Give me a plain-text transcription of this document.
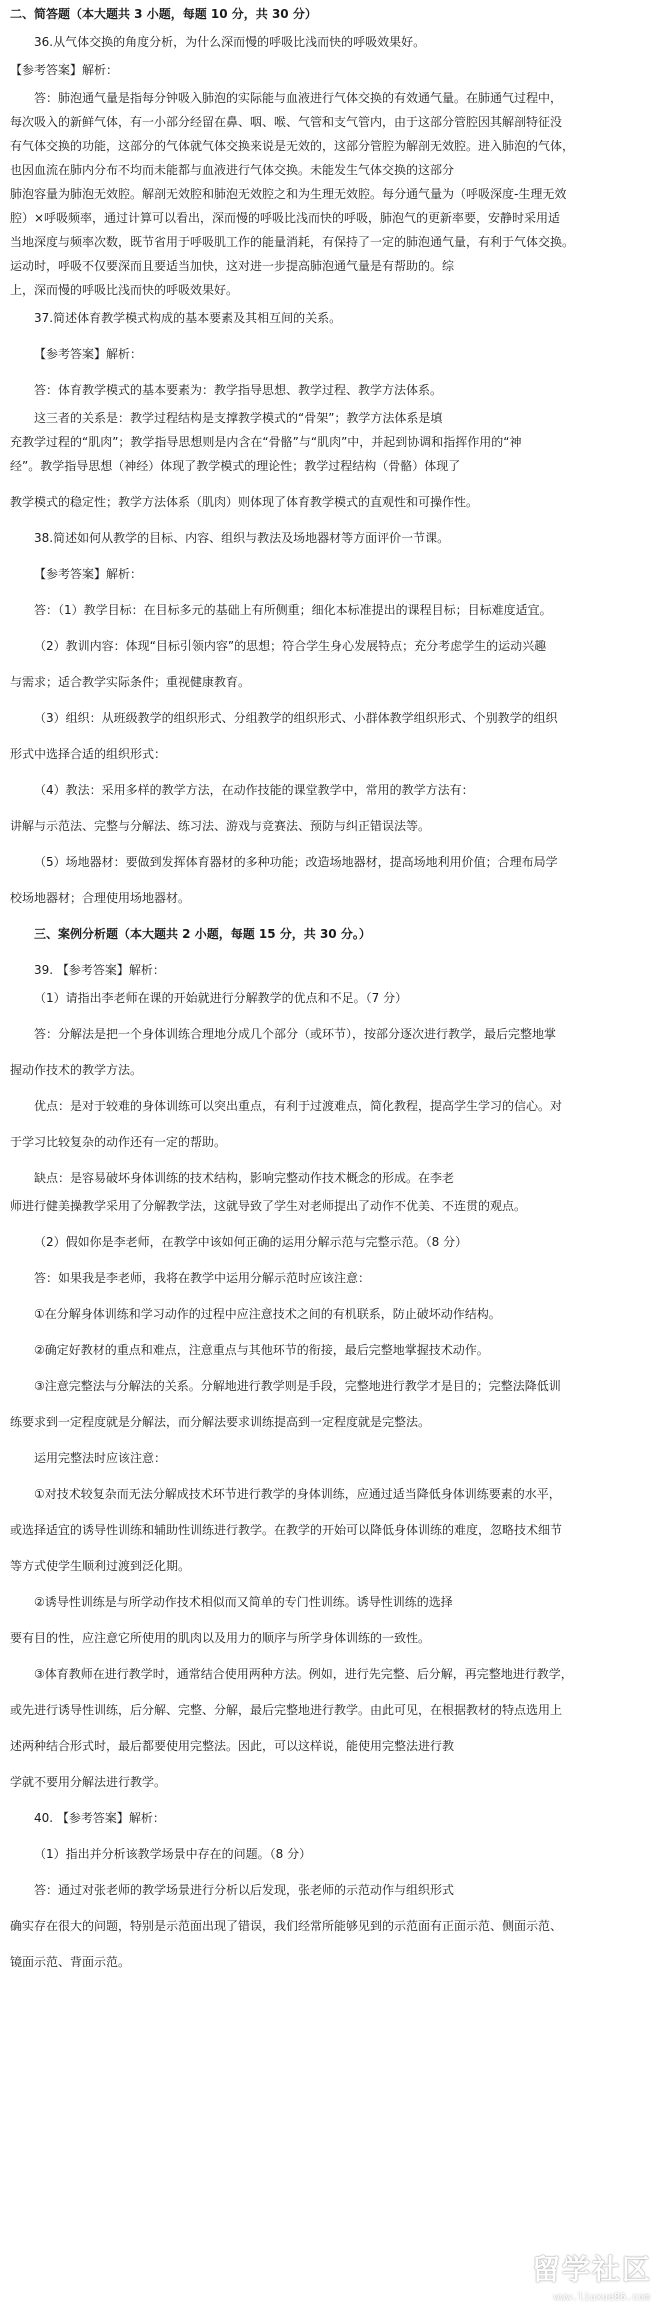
二、简答题（本大题共 3 小题，每题 10 分，共 30 分）

36.从气体交换的角度分析，为什么深而慢的呼吸比浅而快的呼吸效果好。

【参考答案】解析：

答：肺泡通气量是指每分钟吸入肺泡的实际能与血液进行气体交换的有效通气量。在肺通气过程中，

每次吸入的新鲜气体，有一小部分经留在鼻、咽、喉、气管和支气管内，由于这部分管腔因其解剖特征没

有气体交换的功能，这部分的气体就气体交换来说是无效的，这部分管腔为解剖无效腔。进入肺泡的气体，

也因血流在肺内分布不均而未能都与血液进行气体交换。未能发生气体交换的这部分

肺泡容量为肺泡无效腔。解剖无效腔和肺泡无效腔之和为生理无效腔。每分通气量为（呼吸深度-生理无效

腔）×呼吸频率，通过计算可以看出，深而慢的呼吸比浅而快的呼吸，肺泡气的更新率要，安静时采用适

当地深度与频率次数，既节省用于呼吸肌工作的能量消耗，有保持了一定的肺泡通气量，有利于气体交换。

运动时，呼吸不仅要深而且要适当加快，这对进一步提高肺泡通气量是有帮助的。综

上，深而慢的呼吸比浅而快的呼吸效果好。

37.简述体育教学模式构成的基本要素及其相互间的关系。

【参考答案】解析：

答：体育教学模式的基本要素为：教学指导思想、教学过程、教学方法体系。

这三者的关系是：教学过程结构是支撑教学模式的“骨架”；教学方法体系是填

充教学过程的“肌肉”；教学指导思想则是内含在“骨骼”与“肌肉”中，并起到协调和指挥作用的“神

经”。教学指导思想（神经）体现了教学模式的理论性；教学过程结构（骨骼）体现了

教学模式的稳定性；教学方法体系（肌肉）则体现了体育教学模式的直观性和可操作性。

38.简述如何从教学的目标、内容、组织与教法及场地器材等方面评价一节课。

【参考答案】解析：

答：（1）教学目标：在目标多元的基础上有所侧重；细化本标准提出的课程目标；目标难度适宜。

（2）教训内容：体现“目标引领内容”的思想；符合学生身心发展特点；充分考虑学生的运动兴趣

与需求；适合教学实际条件；重视健康教育。

（3）组织：从班级教学的组织形式、分组教学的组织形式、小群体教学组织形式、个别教学的组织

形式中选择合适的组织形式：

（4）教法：采用多样的教学方法，在动作技能的课堂教学中，常用的教学方法有：

讲解与示范法、完整与分解法、练习法、游戏与竞赛法、预防与纠正错误法等。

（5）场地器材：要做到发挥体育器材的多种功能；改造场地器材，提高场地利用价值；合理布局学

校场地器材；合理使用场地器材。

三、案例分析题（本大题共 2 小题，每题 15 分，共 30 分。）

39. 【参考答案】解析：

（1）请指出李老师在课的开始就进行分解教学的优点和不足。（7 分）

答：分解法是把一个身体训练合理地分成几个部分（或环节），按部分逐次进行教学，最后完整地掌

握动作技术的教学方法。

优点：是对于较难的身体训练可以突出重点，有利于过渡难点，简化教程，提高学生学习的信心。对

于学习比较复杂的动作还有一定的帮助。

缺点：是容易破坏身体训练的技术结构，影响完整动作技术概念的形成。在李老

师进行健美操教学采用了分解教学法，这就导致了学生对老师提出了动作不优美、不连贯的观点。

（2）假如你是李老师，在教学中该如何正确的运用分解示范与完整示范。（8 分）

答：如果我是李老师，我将在教学中运用分解示范时应该注意：

①在分解身体训练和学习动作的过程中应注意技术之间的有机联系，防止破坏动作结构。

②确定好教材的重点和难点，注意重点与其他环节的衔接，最后完整地掌握技术动作。

③注意完整法与分解法的关系。分解地进行教学则是手段，完整地进行教学才是目的；完整法降低训

练要求到一定程度就是分解法，而分解法要求训练提高到一定程度就是完整法。

运用完整法时应该注意：

①对技术较复杂而无法分解成技术环节进行教学的身体训练，应通过适当降低身体训练要素的水平，

或选择适宜的诱导性训练和辅助性训练进行教学。在教学的开始可以降低身体训练的难度，忽略技术细节

等方式使学生顺利过渡到泛化期。

②诱导性训练是与所学动作技术相似而又简单的专门性训练。诱导性训练的选择

要有目的性，应注意它所使用的肌肉以及用力的顺序与所学身体训练的一致性。

③体育教师在进行教学时，通常结合使用两种方法。例如，进行先完整、后分解，再完整地进行教学，

或先进行诱导性训练，后分解、完整、分解，最后完整地进行教学。由此可见，在根据教材的特点选用上

述两种结合形式时，最后都要使用完整法。因此，可以这样说，能使用完整法进行教

学就不要用分解法进行教学。

40. 【参考答案】解析：

（1）指出并分析该教学场景中存在的问题。（8 分）

答：通过对张老师的教学场景进行分析以后发现，张老师的示范动作与组织形式

确实存在很大的问题，特别是示范面出现了错误，我们经常所能够见到的示范面有正面示范、侧面示范、

镜面示范、背面示范。

留学社区
www.liuxue86.com
